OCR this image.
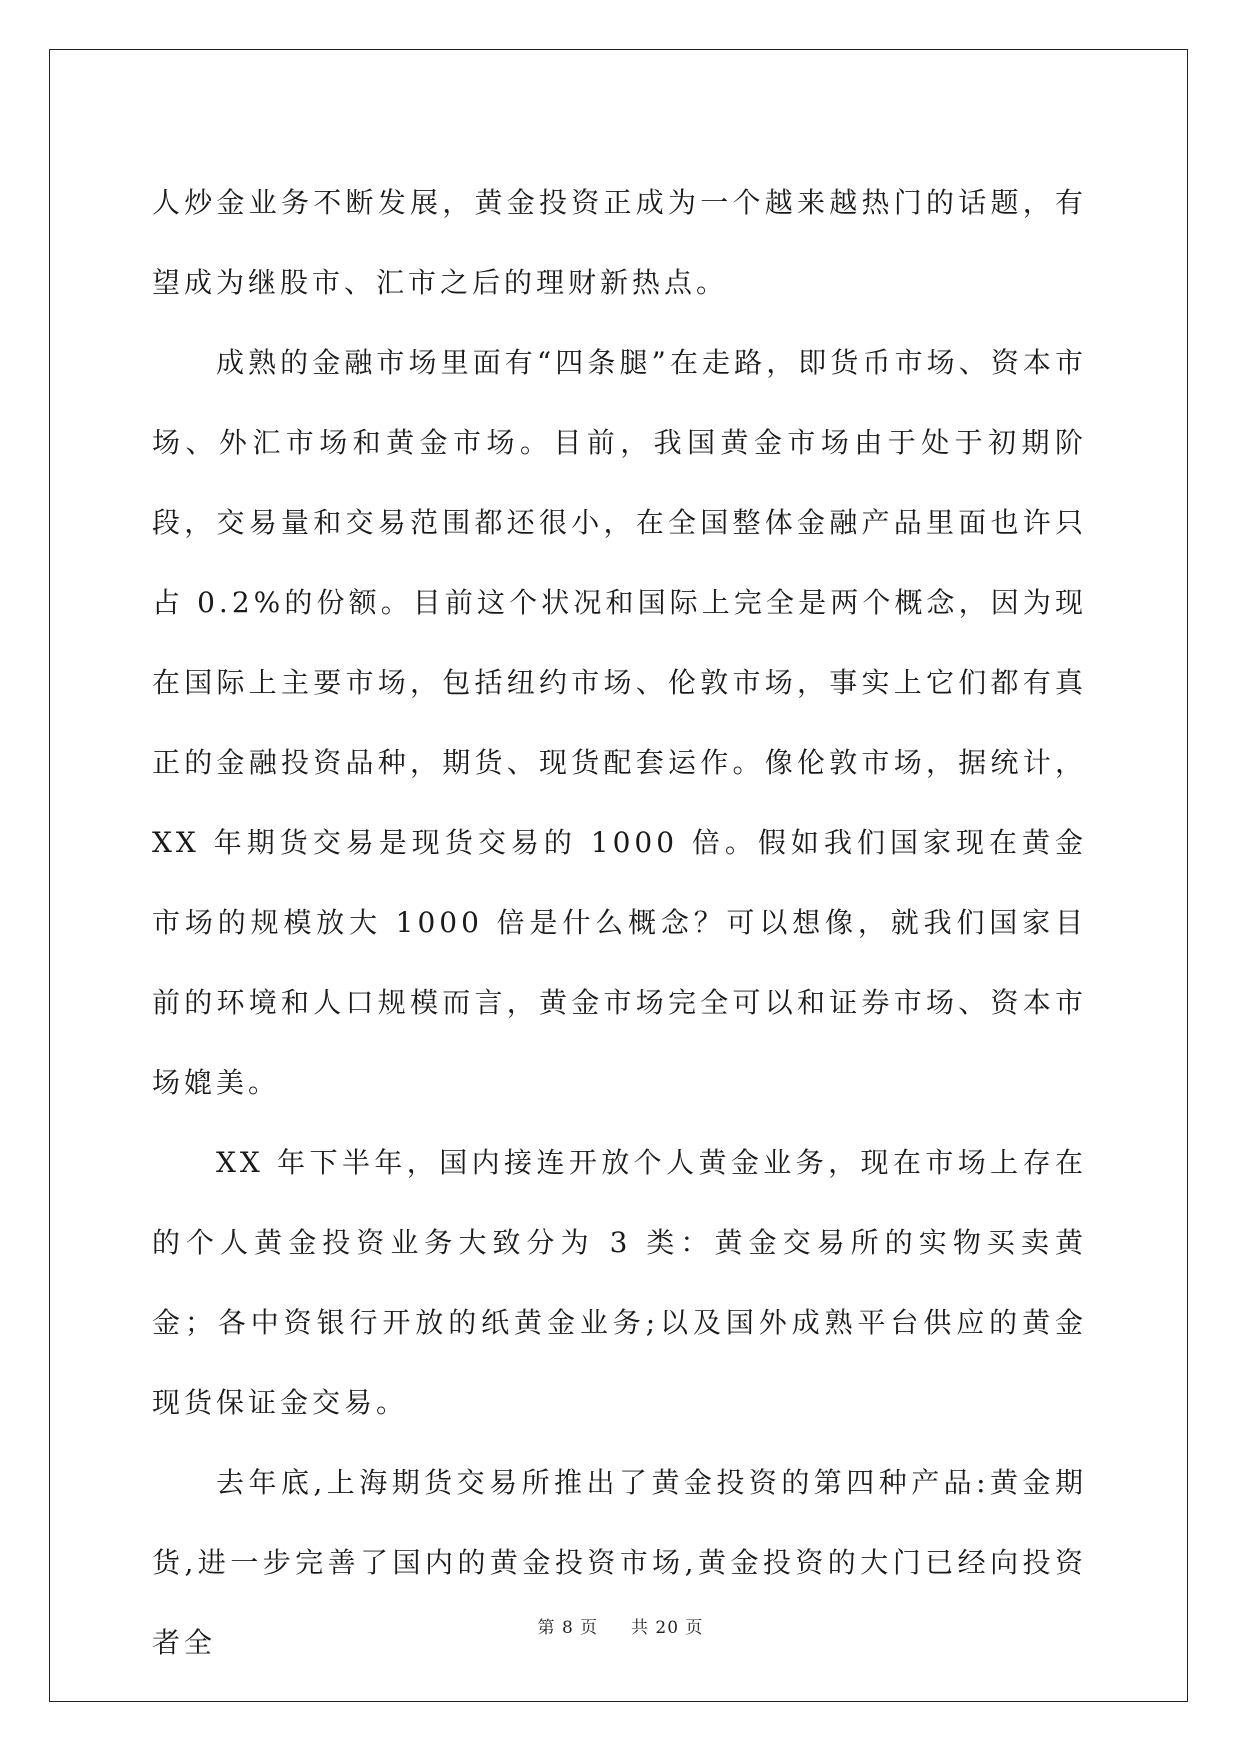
人炒金业务不断发展，黄金投资正成为一个越来越热门的话题，有望成为继股市、汇市之后的理财新热点。

成熟的金融市场里面有“四条腿”在走路，即货币市场、资本市场、外汇市场和黄金市场。目前，我国黄金市场由于处于初期阶段，交易量和交易范围都还很小，在全国整体金融产品里面也许只占 0.2%的份额。目前这个状况和国际上完全是两个概念，因为现在国际上主要市场，包括纽约市场、伦敦市场，事实上它们都有真正的金融投资品种，期货、现货配套运作。像伦敦市场，据统计，XX 年期货交易是现货交易的 1000 倍。假如我们国家现在黄金市场的规模放大 1000 倍是什么概念？可以想像，就我们国家目前的环境和人口规模而言，黄金市场完全可以和证券市场、资本市场媲美。

XX 年下半年，国内接连开放个人黄金业务，现在市场上存在的个人黄金投资业务大致分为 3 类：黄金交易所的实物买卖黄金；各中资银行开放的纸黄金业务;以及国外成熟平台供应的黄金现货保证金交易。

去年底,上海期货交易所推出了黄金投资的第四种产品:黄金期货,进一步完善了国内的黄金投资市场,黄金投资的大门已经向投资者全	第 8 页 共 20 页
